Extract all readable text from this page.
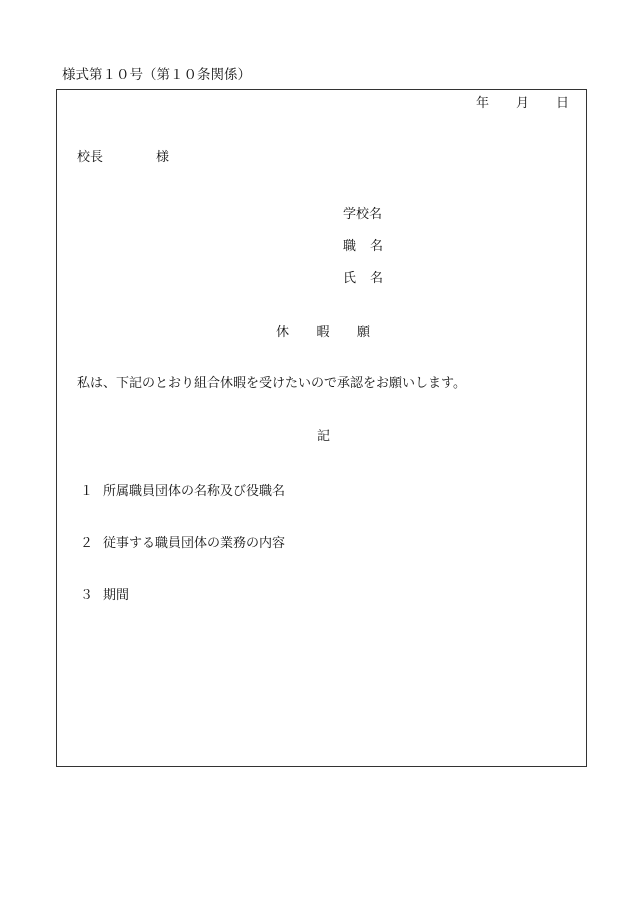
様式第１０号（第１０条関係）
年 月 日
校長	様
学校名
職 名
氏 名
休 暇 願
私は、下記のとおり組合休暇を受けたいので承認をお願いします。
記
１ 所属職員団体の名称及び役職名
２ 従事する職員団体の業務の内容
３ 期間
